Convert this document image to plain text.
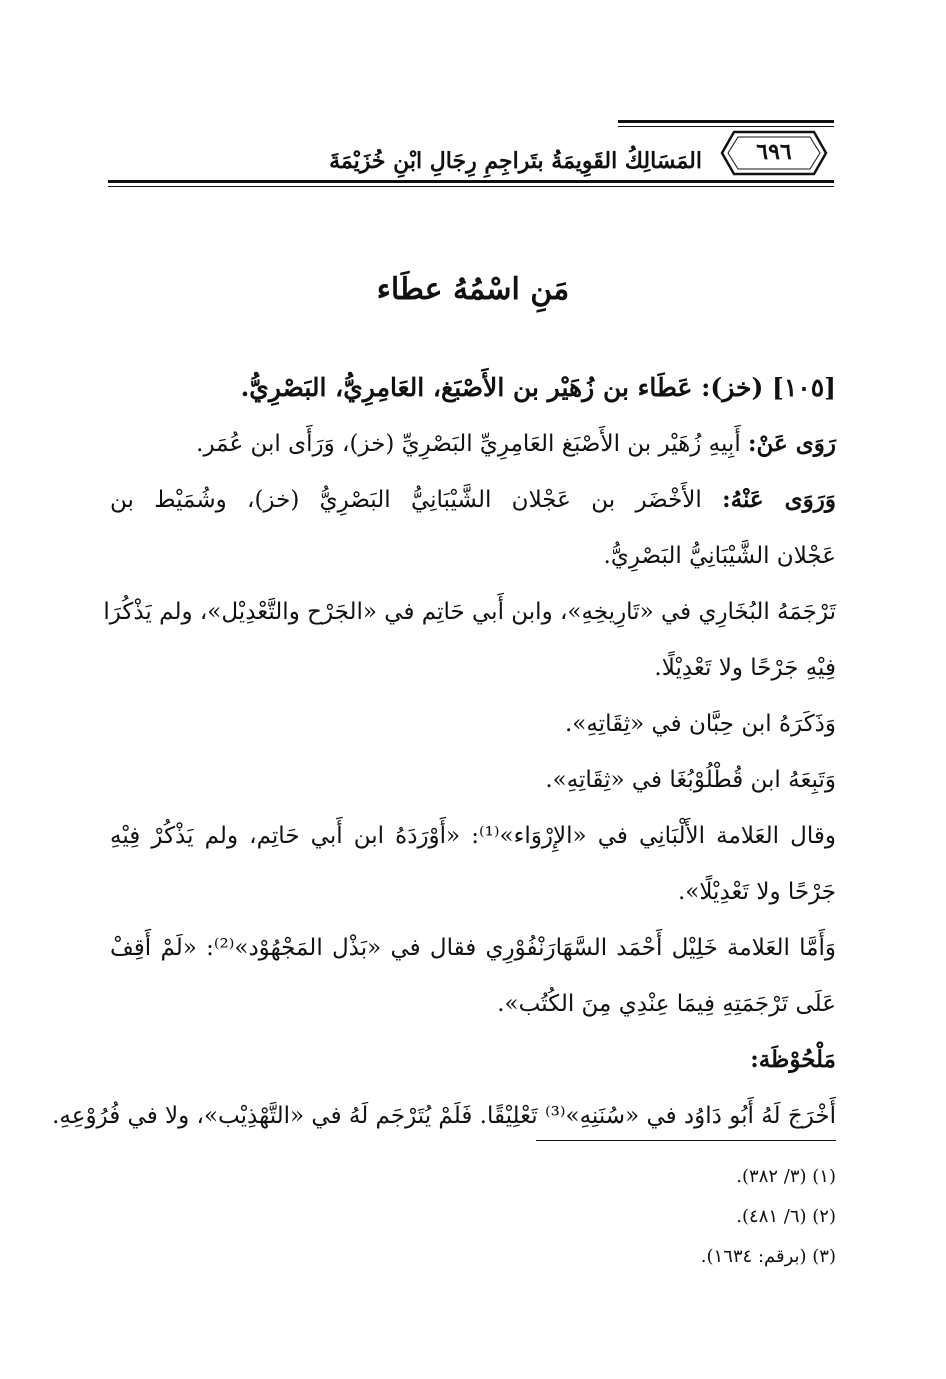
المَسَالِكُ القَوِيمَةُ بتَراجِمِ رِجَالِ ابْنِ خُزَيْمَةَ	٦٩٦
مَنِ اسْمُهُ عطَاء
[١٠٥] (خز): عَطَاء بن زُهَيْر بن الأَصْبَغ، العَامِرِيُّ، البَصْرِيُّ.
رَوَى عَنْ: أَبِيهِ زُهَيْر بن الأَصْبَغ العَامِرِيِّ البَصْرِيِّ (خز)، وَرَأَى ابن عُمَر.
وَرَوَى عَنْهُ: الأَخْضَر بن عَجْلان الشَّيْبَانِيُّ البَصْرِيُّ (خز)، وشُمَيْط بن
عَجْلان الشَّيْبَانِيُّ البَصْرِيُّ.
تَرْجَمَهُ البُخَارِي في «تَارِيخِهِ»، وابن أَبي حَاتِم في «الجَرْح والتَّعْدِيْل»، ولم يَذْكُرَا
فِيْهِ جَرْحًا ولا تَعْدِيْلًا.
وَذَكَرَهُ ابن حِبَّان في «ثِقَاتِهِ».
وَتَبِعَهُ ابن قُطْلُوْبُغَا في «ثِقَاتِهِ».
وقال العَلامة الأَلْبَانِي في «الإِرْوَاء»⁽¹⁾: «أَوْرَدَهُ ابن أَبي حَاتِم، ولم يَذْكُرْ فِيْهِ
جَرْحًا ولا تَعْدِيْلًا».
وَأَمَّا العَلامة خَلِيْل أَحْمَد السَّهَارَنْفُوْرِي فقال في «بَذْل المَجْهُوْد»⁽²⁾: «لَمْ أَقِفْ
عَلَى تَرْجَمَتِهِ فِيمَا عِنْدِي مِنَ الكُتُب».
مَلْحُوْظَة:
أَخْرَجَ لَهُ أَبُو دَاوُد في «سُنَنِهِ»⁽³⁾ تَعْلِيْقًا. فَلَمْ يُتَرْجَم لَهُ في «التَّهْذِيْب»، ولا في فُرُوْعِهِ.
(١) (٣/ ٣٨٢).
(٢) (٦/ ٤٨١).
(٣) (برقم: ١٦٣٤).
